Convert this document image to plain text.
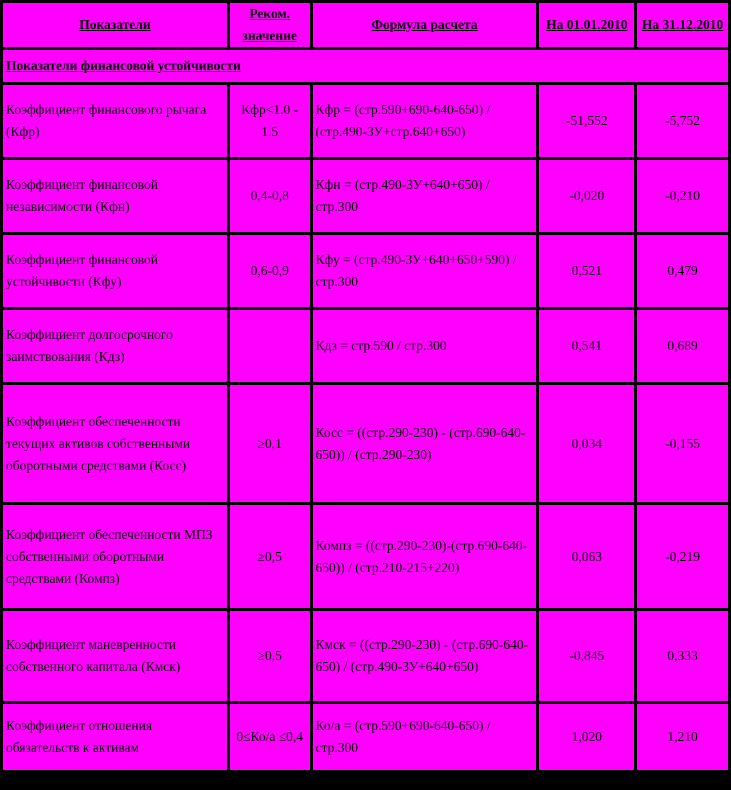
Показатели	Реком. значение	Формула расчета	На 01.01.2010	На 31.12.2010
Показатели финансовой устойчивости				
Коэффициент финансового рычага (Кфр)	Кфр<1.0 - 1.5	Кфр = (стр.590+690-640-650) / (стр.490-ЗУ+стр.640+650)	-51,552	-5,752
Коэффициент финансовой независимости (Кфн)	0,4-0,8	Кфн = (стр.490-ЗУ+640+650) / стр.300	-0,020	-0,210
Коэффициент финансовой устойчивости (Кфу)	0,6-0,9	Кфу = (стр.490-ЗУ+640+650+590) / стр.300	0,521	0,479
Коэффициент долгосрочного заимствования (Кдз)		Кдз = стр.590 / стр.300	0,541	0,689
Коэффициент обеспеченности текущих активов собственными оборотными средствами (Косс)	≥0,1	Косс = ((стр.290-230) - (стр.690-640-650)) / (стр.290-230)	0,034	-0,155
Коэффициент обеспеченности МПЗ собственными оборотными средствами (Компз)	≥0,5	Компз = ((стр.290-230)-(стр.690-640-650)) / (стр.210-215+220)	0,063	-0,219
Коэффициент маневренности собственного капитала (Кмск)	≥0,5	Кмск = ((стр.290-230) - (стр.690-640-650) / (стр.490-ЗУ+640+650)	-0,845	0,333
Коэффициент отношения обязательств к активам	0≤Ко/а ≤0,4	Ко/а = (стр.590+690-640-650) / стр.300	1,020	1,210
